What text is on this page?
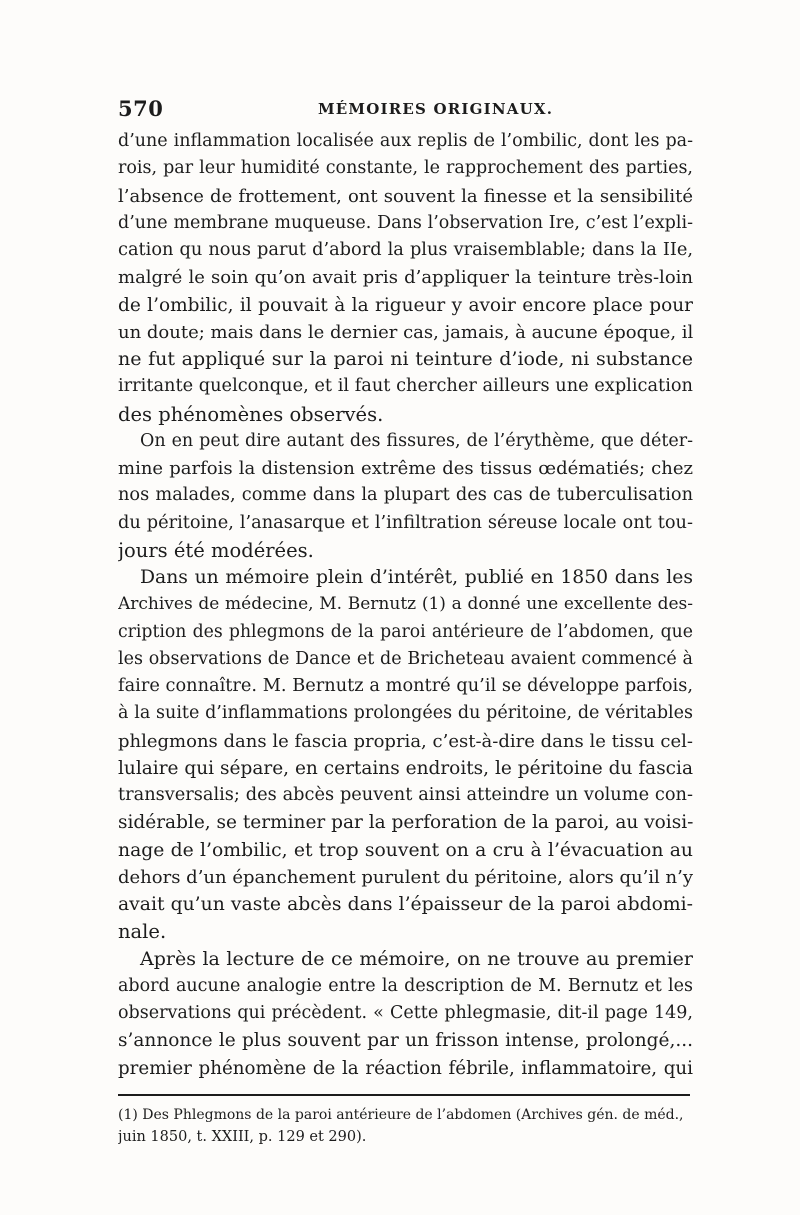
570	MÉMOIRES ORIGINAUX.
d’une inflammation localisée aux replis de l’ombilic, dont les pa-
rois, par leur humidité constante, le rapprochement des parties,
l’absence de frottement, ont souvent la finesse et la sensibilité
d’une membrane muqueuse. Dans l’observation Ire, c’est l’expli-
cation qu nous parut d’abord la plus vraisemblable; dans la IIe,
malgré le soin qu’on avait pris d’appliquer la teinture très-loin
de l’ombilic, il pouvait à la rigueur y avoir encore place pour
un doute; mais dans le dernier cas, jamais, à aucune époque, il
ne fut appliqué sur la paroi ni teinture d’iode, ni substance
irritante quelconque, et il faut chercher ailleurs une explication
des phénomènes observés.
On en peut dire autant des fissures, de l’érythème, que déter-
mine parfois la distension extrême des tissus œdématiés; chez
nos malades, comme dans la plupart des cas de tuberculisation
du péritoine, l’anasarque et l’infiltration séreuse locale ont tou-
jours été modérées.
Dans un mémoire plein d’intérêt, publié en 1850 dans les
Archives de médecine, M. Bernutz (1) a donné une excellente des-
cription des phlegmons de la paroi antérieure de l’abdomen, que
les observations de Dance et de Bricheteau avaient commencé à
faire connaître. M. Bernutz a montré qu’il se développe parfois,
à la suite d’inflammations prolongées du péritoine, de véritables
phlegmons dans le fascia propria, c’est-à-dire dans le tissu cel-
lulaire qui sépare, en certains endroits, le péritoine du fascia
transversalis; des abcès peuvent ainsi atteindre un volume con-
sidérable, se terminer par la perforation de la paroi, au voisi-
nage de l’ombilic, et trop souvent on a cru à l’évacuation au
dehors d’un épanchement purulent du péritoine, alors qu’il n’y
avait qu’un vaste abcès dans l’épaisseur de la paroi abdomi-
nale.
Après la lecture de ce mémoire, on ne trouve au premier
abord aucune analogie entre la description de M. Bernutz et les
observations qui précèdent. « Cette phlegmasie, dit-il page 149,
s’annonce le plus souvent par un frisson intense, prolongé,...
premier phénomène de la réaction fébrile, inflammatoire, qui
(1) Des Phlegmons de la paroi antérieure de l’abdomen (Archives gén. de méd.,
juin 1850, t. XXIII, p. 129 et 290).
